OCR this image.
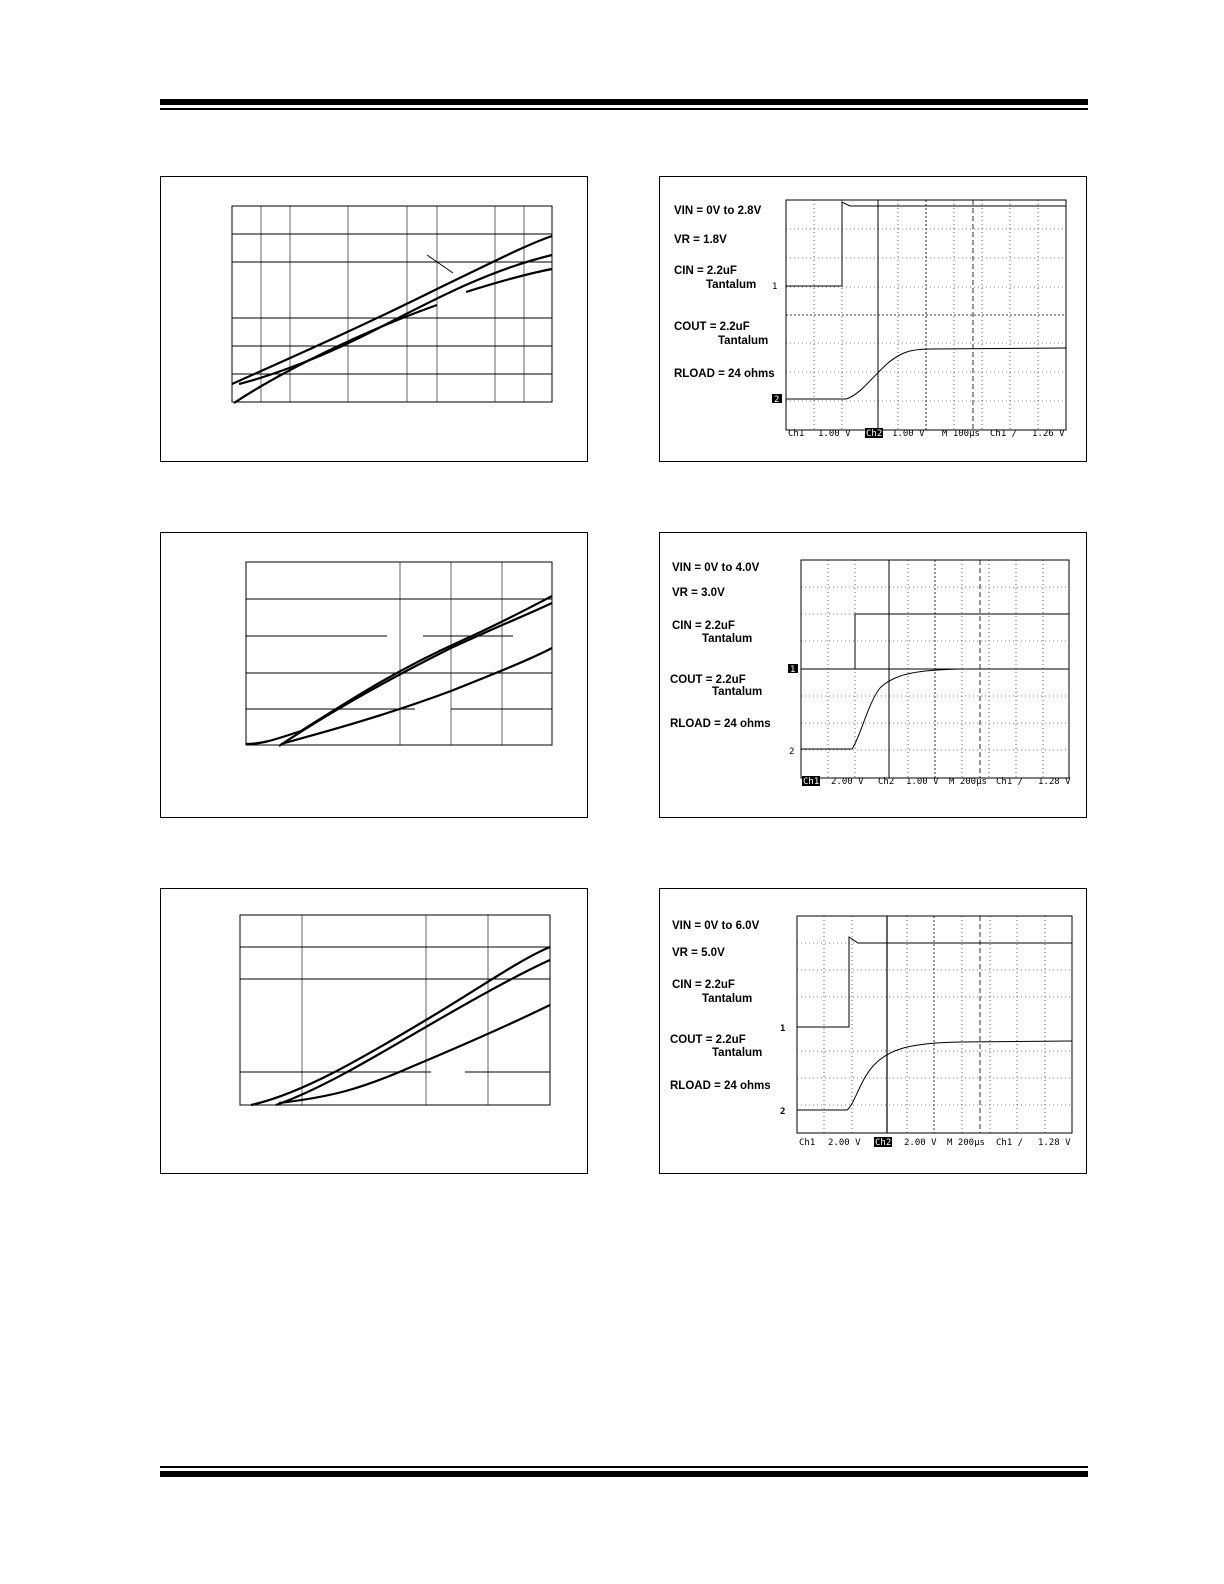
VIN = 0V to 2.8V
VR = 1.8V
CIN = 2.2uF
Tantalum
COUT = 2.2uF
Tantalum
RLOAD = 24 ohms
1
2
Ch1 1.00 V Ch2 1.00 V M 100µs Ch1 ∕ 1.26 V
VIN = 0V to 4.0V
VR = 3.0V
CIN = 2.2uF
Tantalum
COUT = 2.2uF
Tantalum
RLOAD = 24 ohms
1
2
Ch1 2.00 V Ch2 1.00 V M 200µs Ch1 ∕ 1.28 V
VIN = 0V to 6.0V
VR = 5.0V
CIN = 2.2uF
Tantalum
COUT = 2.2uF
Tantalum
RLOAD = 24 ohms
1
2
Ch1 2.00 V Ch2 2.00 V M 200µs Ch1 ∕ 1.28 V
